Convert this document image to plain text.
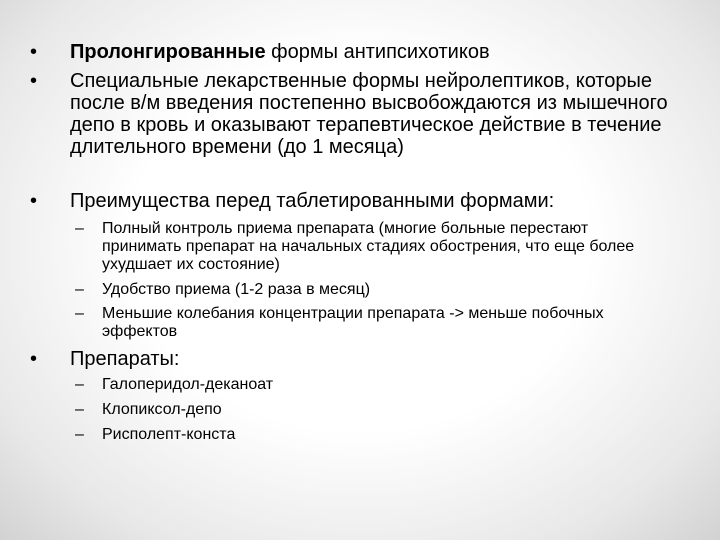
• Пролонгированные формы антипсихотиков
• Специальные лекарственные формы нейролептиков, которые после в/м введения постепенно высвобождаются из мышечного депо в кровь и оказывают терапевтическое действие в течение длительного времени (до 1 месяца)
• Преимущества перед таблетированными формами:
– Полный контроль приема препарата (многие больные перестают принимать препарат на начальных стадиях обострения, что еще более ухудшает их состояние)
– Удобство приема (1-2 раза в месяц)
– Меньшие колебания концентрации препарата -> меньше побочных эффектов
• Препараты:
– Галоперидол-деканоат
– Клопиксол-депо
– Рисполепт-конста
